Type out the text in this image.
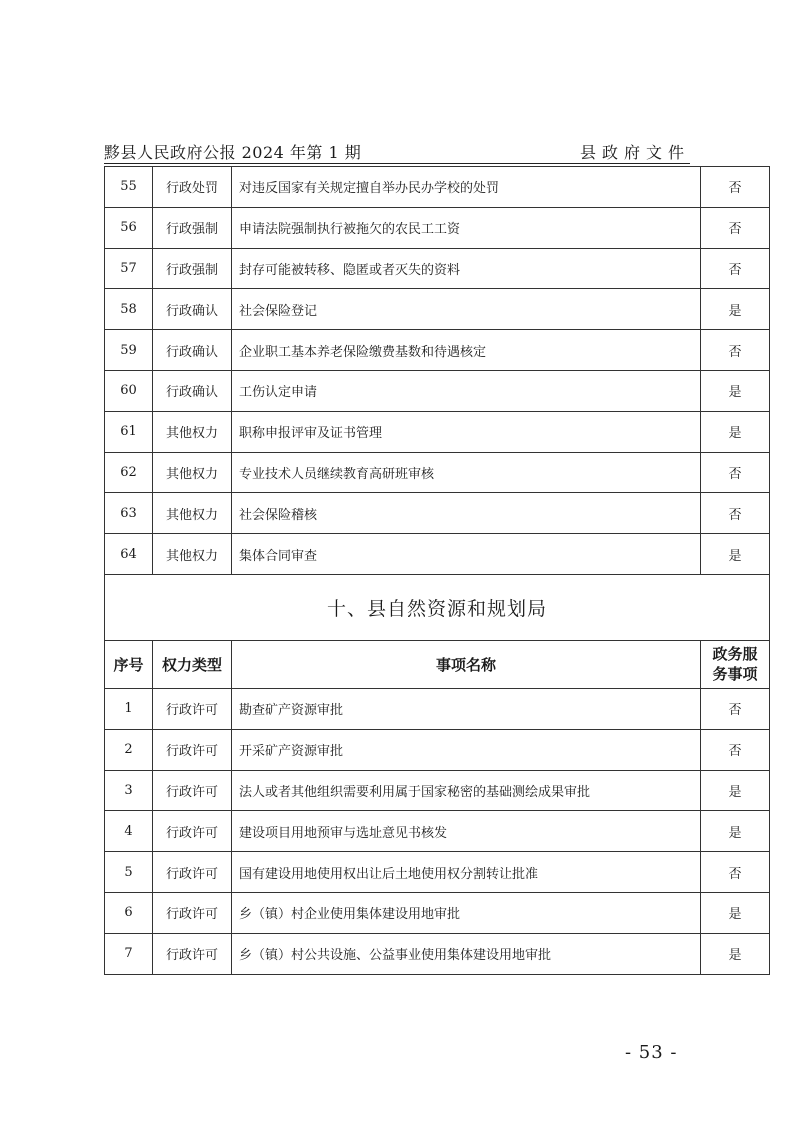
黟县人民政府公报 2024 年第 1 期	县政府文件
55	行政处罚	对违反国家有关规定擅自举办民办学校的处罚	否
56	行政强制	申请法院强制执行被拖欠的农民工工资	否
57	行政强制	封存可能被转移、隐匿或者灭失的资料	否
58	行政确认	社会保险登记	是
59	行政确认	企业职工基本养老保险缴费基数和待遇核定	否
60	行政确认	工伤认定申请	是
61	其他权力	职称申报评审及证书管理	是
62	其他权力	专业技术人员继续教育高研班审核	否
63	其他权力	社会保险稽核	否
64	其他权力	集体合同审查	是
十、县自然资源和规划局			
序号	权力类型	事项名称	政务服
务事项

1	行政许可	勘查矿产资源审批	否
2	行政许可	开采矿产资源审批	否
3	行政许可	法人或者其他组织需要利用属于国家秘密的基础测绘成果审批	是
4	行政许可	建设项目用地预审与选址意见书核发	是
5	行政许可	国有建设用地使用权出让后土地使用权分割转让批准	否
6	行政许可	乡（镇）村企业使用集体建设用地审批	是
7	行政许可	乡（镇）村公共设施、公益事业使用集体建设用地审批	是
- 53 -
